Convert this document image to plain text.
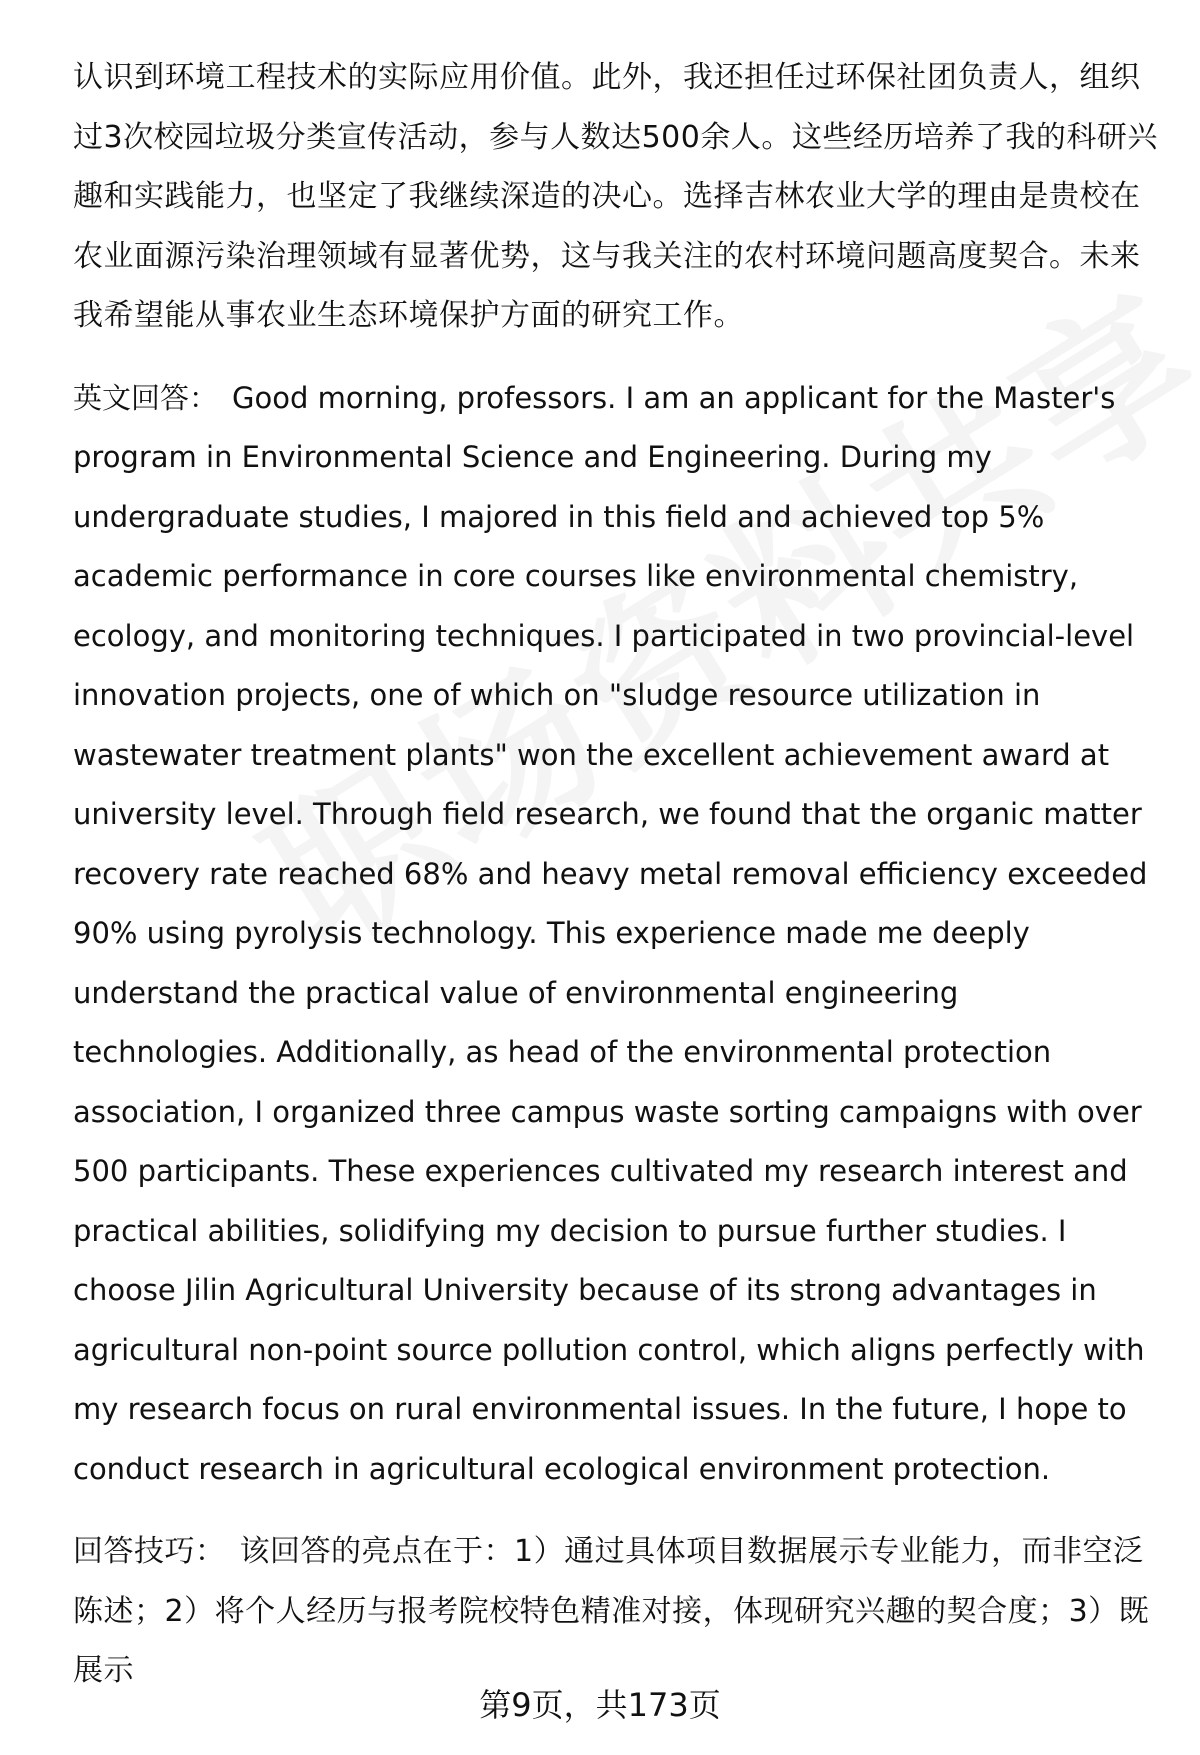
认识到环境工程技术的实际应用价值。此外，我还担任过环保社团负责人，组织过3次校园垃圾分类宣传活动，参与人数达500余人。这些经历培养了我的科研兴趣和实践能力，也坚定了我继续深造的决心。选择吉林农业大学的理由是贵校在农业面源污染治理领域有显著优势，这与我关注的农村环境问题高度契合。未来我希望能从事农业生态环境保护方面的研究工作。

英文回答： Good morning, professors. I am an applicant for the Master's program in Environmental Science and Engineering. During my undergraduate studies, I majored in this field and achieved top 5% academic performance in core courses like environmental chemistry, ecology, and monitoring techniques. I participated in two provincial-level innovation projects, one of which on "sludge resource utilization in wastewater treatment plants" won the excellent achievement award at university level. Through field research, we found that the organic matter recovery rate reached 68% and heavy metal removal efficiency exceeded 90% using pyrolysis technology. This experience made me deeply understand the practical value of environmental engineering technologies. Additionally, as head of the environmental protection association, I organized three campus waste sorting campaigns with over 500 participants. These experiences cultivated my research interest and practical abilities, solidifying my decision to pursue further studies. I choose Jilin Agricultural University because of its strong advantages in agricultural non-point source pollution control, which aligns perfectly with my research focus on rural environmental issues. In the future, I hope to conduct research in agricultural ecological environment protection.

回答技巧： 该回答的亮点在于：1）通过具体项目数据展示专业能力，而非空泛陈述；2）将个人经历与报考院校特色精准对接，体现研究兴趣的契合度；3）既展示

第9页，共173页
